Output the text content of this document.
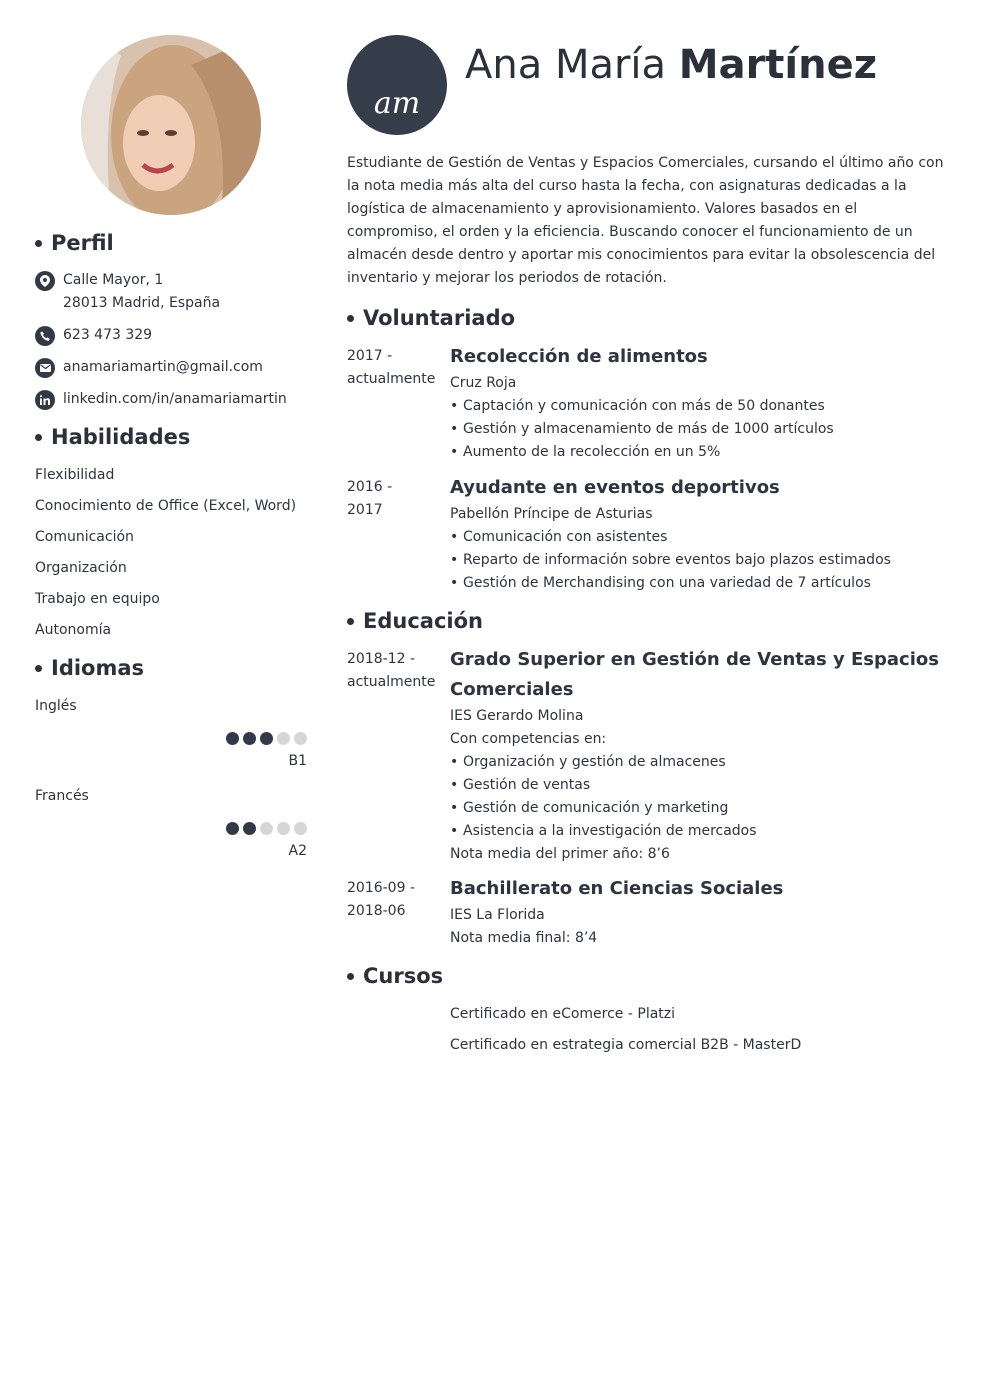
Perfil
Calle Mayor, 1
28013 Madrid, España
623 473 329
anamariamartin@gmail.com
linkedin.com/in/anamariamartin
Habilidades
Flexibilidad
Conocimiento de Office (Excel, Word)
Comunicación
Organización
Trabajo en equipo
Autonomía
Idiomas
Inglés
B1
Francés
A2
am
Ana María Martínez

Estudiante de Gestión de Ventas y Espacios Comerciales, cursando el último año con la nota media más alta del curso hasta la fecha, con asignaturas dedicadas a la logística de almacenamiento y aprovisionamiento. Valores basados en el compromiso, el orden y la eficiencia. Buscando conocer el funcionamiento de un almacén desde dentro y aportar mis conocimientos para evitar la obsolescencia del inventario y mejorar los periodos de rotación.

Voluntariado
2017 -
actualmente
Recolección de alimentos
Cruz Roja
• Captación y comunicación con más de 50 donantes
• Gestión y almacenamiento de más de 1000 artículos
• Aumento de la recolección en un 5%
2016 -
2017
Ayudante en eventos deportivos
Pabellón Príncipe de Asturias
• Comunicación con asistentes
• Reparto de información sobre eventos bajo plazos estimados
• Gestión de Merchandising con una variedad de 7 artículos
Educación
2018-12 -
actualmente
Grado Superior en Gestión de Ventas y Espacios
Comerciales
IES Gerardo Molina
Con competencias en:
• Organización y gestión de almacenes
• Gestión de ventas
• Gestión de comunicación y marketing
• Asistencia a la investigación de mercados
Nota media del primer año: 8’6
2016-09 -
2018-06
Bachillerato en Ciencias Sociales
IES La Florida
Nota media final: 8’4
Cursos
Certificado en eComerce - Platzi
Certificado en estrategia comercial B2B - MasterD
